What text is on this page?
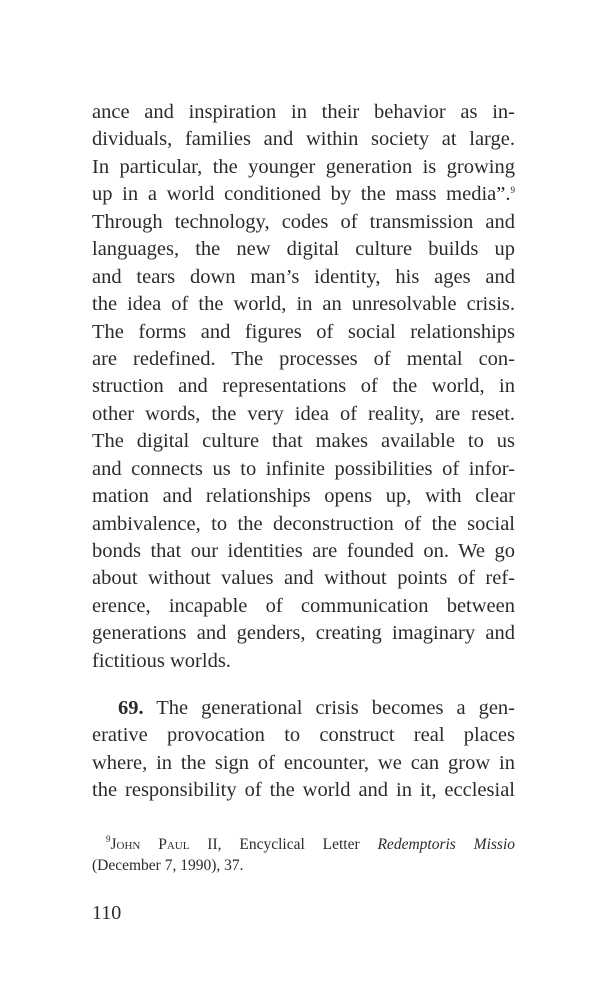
ance and inspiration in their behavior as in-
dividuals, families and within society at large.
In particular, the younger generation is growing
up in a world conditioned by the mass media”.$^9$
Through technology, codes of transmission and
languages, the new digital culture builds up
and tears down man’s identity, his ages and
the idea of the world, in an unresolvable crisis.
The forms and figures of social relationships
are redefined. The processes of mental con-
struction and representations of the world, in
other words, the very idea of reality, are reset.
The digital culture that makes available to us
and connects us to infinite possibilities of infor-
mation and relationships opens up, with clear
ambivalence, to the deconstruction of the social
bonds that our identities are founded on. We go
about without values and without points of ref-
erence, incapable of communication between
generations and genders, creating imaginary and
fictitious worlds.
69. The generational crisis becomes a gen-
erative provocation to construct real places
where, in the sign of encounter, we can grow in
the responsibility of the world and in it, ecclesial
$^9$John Paul II, Encyclical Letter Redemptoris Missio
(December 7, 1990), 37.
110
